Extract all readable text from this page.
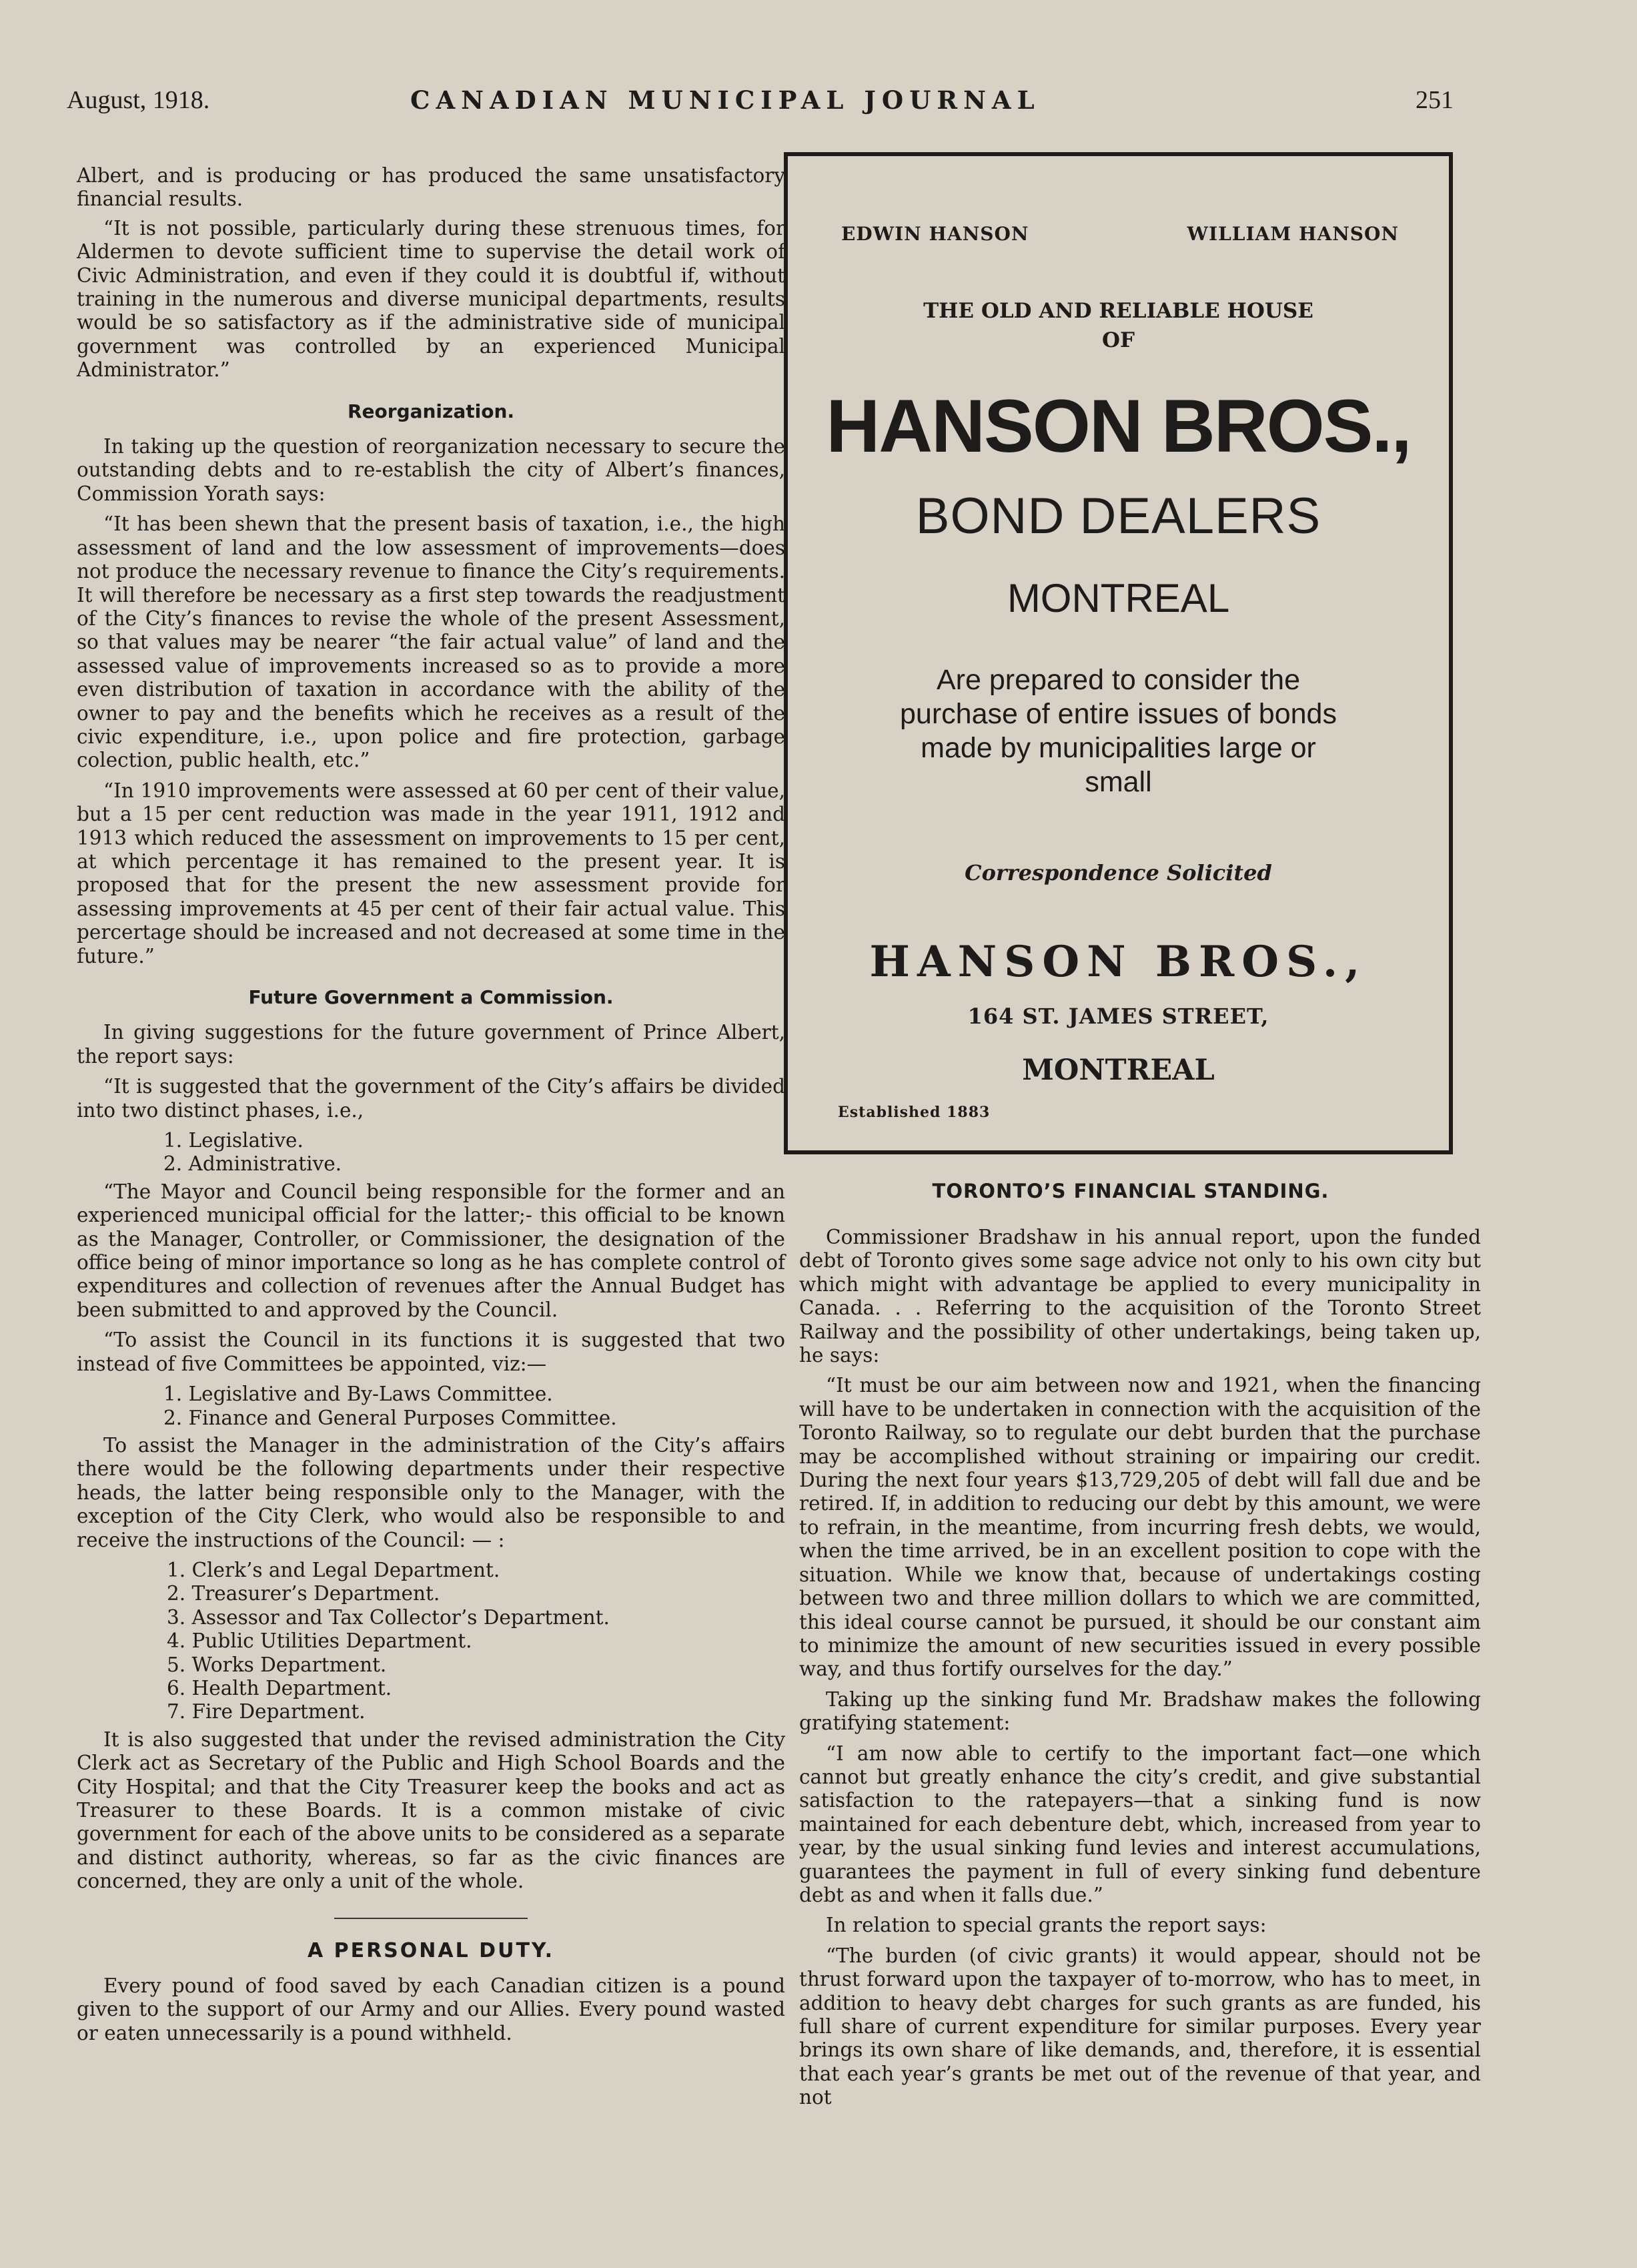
August, 1918.	CANADIAN MUNICIPAL JOURNAL	251

Albert, and is producing or has produced the same unsatisfactory financial results.

“It is not possible, particularly during these strenuous times, for Aldermen to devote sufficient time to supervise the detail work of Civic Administration, and even if they could it is doubtful if, without training in the numerous and diverse municipal departments, results would be so satisfactory as if the administrative side of municipal government was controlled by an experienced Municipal Administrator.”

Reorganization.

In taking up the question of reorganization necessary to secure the outstanding debts and to re-establish the city of Albert’s finances, Commission Yorath says:

“It has been shewn that the present basis of taxation, i.e., the high assessment of land and the low assessment of improvements—does not produce the necessary revenue to finance the City’s requirements. It will therefore be necessary as a first step towards the readjustment of the City’s finances to revise the whole of the present Assessment, so that values may be nearer “the fair actual value” of land and the assessed value of improvements increased so as to provide a more even distribution of taxation in accordance with the ability of the owner to pay and the benefits which he receives as a result of the civic expenditure, i.e., upon police and fire protection, garbage colection, public health, etc.”

“In 1910 improvements were assessed at 60 per cent of their value, but a 15 per cent reduction was made in the year 1911, 1912 and 1913 which reduced the assessment on improvements to 15 per cent, at which percentage it has remained to the present year. It is proposed that for the present the new assessment provide for assessing improvements at 45 per cent of their fair actual value. This percertage should be increased and not decreased at some time in the future.”

Future Government a Commission.

In giving suggestions for the future government of Prince Albert, the report says:

“It is suggested that the government of the City’s affairs be divided into two distinct phases, i.e.,

1. Legislative.
2. Administrative.

“The Mayor and Council being responsible for the former and an experienced municipal official for the latter;- this official to be known as the Manager, Controller, or Commissioner, the designation of the office being of minor importance so long as he has complete control of expenditures and collection of revenues after the Annual Budget has been submitted to and approved by the Council.

“To assist the Council in its functions it is suggested that two instead of five Committees be appointed, viz:—

1. Legislative and By-Laws Committee.
2. Finance and General Purposes Committee.

To assist the Manager in the administration of the City’s affairs there would be the following departments under their respective heads, the latter being responsible only to the Manager, with the exception of the City Clerk, who would also be responsible to and receive the instructions of the Council: — :

1. Clerk’s and Legal Department.
2. Treasurer’s Department.
3. Assessor and Tax Collector’s Department.
4. Public Utilities Department.
5. Works Department.
6. Health Department.
7. Fire Department.

It is also suggested that under the revised administration the City Clerk act as Secretary of the Public and High School Boards and the City Hospital; and that the City Treasurer keep the books and act as Treasurer to these Boards. It is a common mistake of civic government for each of the above units to be considered as a separate and distinct authority, whereas, so far as the civic finances are concerned, they are only a unit of the whole.

A PERSONAL DUTY.

Every pound of food saved by each Canadian citizen is a pound given to the support of our Army and our Allies. Every pound wasted or eaten unnecessarily is a pound withheld.

EDWIN HANSON	WILLIAM HANSON
THE OLD AND RELIABLE HOUSE
OF
HANSON BROS.,
BOND DEALERS
MONTREAL
Are prepared to consider the purchase of entire issues of bonds made by municipalities large or small
Correspondence Solicited
HANSON BROS.,
164 ST. JAMES STREET,
MONTREAL
Established 1883
TORONTO’S FINANCIAL STANDING.

Commissioner Bradshaw in his annual report, upon the funded debt of Toronto gives some sage advice not only to his own city but which might with advantage be applied to every municipality in Canada. . . Referring to the acquisition of the Toronto Street Railway and the possibility of other undertakings, being taken up, he says:

“It must be our aim between now and 1921, when the financing will have to be undertaken in connection with the acquisition of the Toronto Railway, so to regulate our debt burden that the purchase may be accomplished without straining or impairing our credit. During the next four years $13,729,205 of debt will fall due and be retired. If, in addition to reducing our debt by this amount, we were to refrain, in the meantime, from incurring fresh debts, we would, when the time arrived, be in an excellent position to cope with the situation. While we know that, because of undertakings costing between two and three million dollars to which we are committed, this ideal course cannot be pursued, it should be our constant aim to minimize the amount of new securities issued in every possible way, and thus fortify ourselves for the day.”

Taking up the sinking fund Mr. Bradshaw makes the following gratifying statement:

“I am now able to certify to the important fact—one which cannot but greatly enhance the city’s credit, and give substantial satisfaction to the ratepayers—that a sinking fund is now maintained for each debenture debt, which, increased from year to year, by the usual sinking fund levies and interest accumulations, guarantees the payment in full of every sinking fund debenture debt as and when it falls due.”

In relation to special grants the report says:

“The burden (of civic grants) it would appear, should not be thrust forward upon the taxpayer of to-morrow, who has to meet, in addition to heavy debt charges for such grants as are funded, his full share of current expenditure for similar purposes. Every year brings its own share of like demands, and, therefore, it is essential that each year’s grants be met out of the revenue of that year, and not
